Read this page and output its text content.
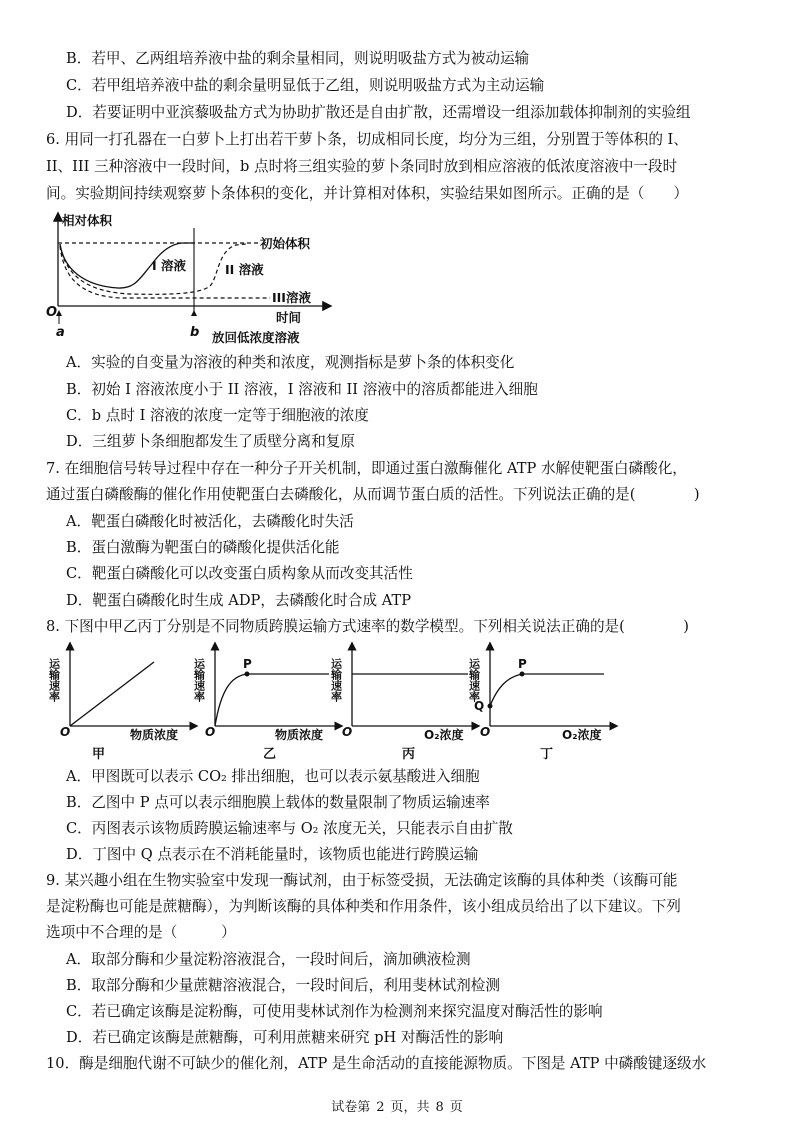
B．若甲、乙两组培养液中盐的剩余量相同，则说明吸盐方式为被动运输
C．若甲组培养液中盐的剩余量明显低于乙组，则说明吸盐方式为主动运输
D．若要证明中亚滨藜吸盐方式为协助扩散还是自由扩散，还需增设一组添加载体抑制剂的实验组
6. 用同一打孔器在一白萝卜上打出若干萝卜条，切成相同长度，均分为三组，分别置于等体积的 I、
II、III 三种溶液中一段时间，b 点时将三组实验的萝卜条同时放到相应溶液的低浓度溶液中一段时
间。实验期间持续观察萝卜条体积的变化，并计算相对体积，实验结果如图所示。正确的是（　　）
相对体积
初始体积
I 溶液	II 溶液
III溶液
O
a	b
时间
放回低浓度溶液
A．实验的自变量为溶液的种类和浓度，观测指标是萝卜条的体积变化
B．初始 I 溶液浓度小于 II 溶液，I 溶液和 II 溶液中的溶质都能进入细胞
C．b 点时 I 溶液的浓度一定等于细胞液的浓度
D．三组萝卜条细胞都发生了质壁分离和复原
7. 在细胞信号转导过程中存在一种分子开关机制，即通过蛋白激酶催化 ATP 水解使靶蛋白磷酸化，
通过蛋白磷酸酶的催化作用使靶蛋白去磷酸化，从而调节蛋白质的活性。下列说法正确的是(　　　　)
A．靶蛋白磷酸化时被活化，去磷酸化时失活
B．蛋白激酶为靶蛋白的磷酸化提供活化能
C．靶蛋白磷酸化可以改变蛋白质构象从而改变其活性
D．靶蛋白磷酸化时生成 ADP，去磷酸化时合成 ATP
8. 下图中甲乙丙丁分别是不同物质跨膜运输方式速率的数学模型。下列相关说法正确的是(　　　　)
运输速率
O	物质浓度
甲
P
运输速率
O	物质浓度
乙
运输速率
O	O₂浓度
丙
P
Q
运输速率
O	O₂浓度
丁
A．甲图既可以表示 CO₂ 排出细胞，也可以表示氨基酸进入细胞
B．乙图中 P 点可以表示细胞膜上载体的数量限制了物质运输速率
C．丙图表示该物质跨膜运输速率与 O₂ 浓度无关，只能表示自由扩散
D．丁图中 Q 点表示在不消耗能量时，该物质也能进行跨膜运输
9. 某兴趣小组在生物实验室中发现一酶试剂，由于标签受损，无法确定该酶的具体种类（该酶可能
是淀粉酶也可能是蔗糖酶），为判断该酶的具体种类和作用条件，该小组成员给出了以下建议。下列
选项中不合理的是（　　　）
A．取部分酶和少量淀粉溶液混合，一段时间后，滴加碘液检测
B．取部分酶和少量蔗糖溶液混合，一段时间后，利用斐林试剂检测
C．若已确定该酶是淀粉酶，可使用斐林试剂作为检测剂来探究温度对酶活性的影响
D．若已确定该酶是蔗糖酶，可利用蔗糖来研究 pH 对酶活性的影响
10．酶是细胞代谢不可缺少的催化剂，ATP 是生命活动的直接能源物质。下图是 ATP 中磷酸键逐级水
试卷第 2 页，共 8 页
